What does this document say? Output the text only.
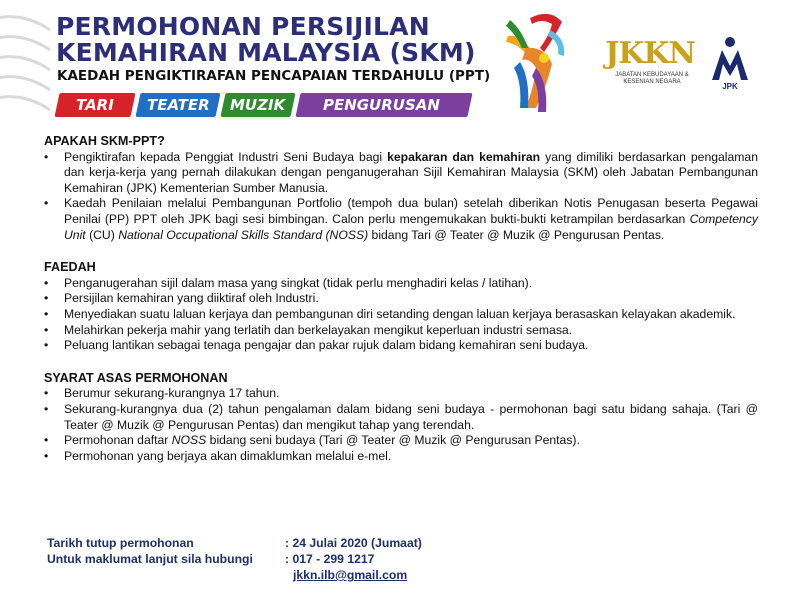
PERMOHONAN PERSIJILAN
KEMAHIRAN MALAYSIA (SKM)
KAEDAH PENGIKTIRAFAN PENCAPAIAN TERDAHULU (PPT)
TARI	TEATER	MUZIK	PENGURUSAN PENTAS
JKKN
JABATAN KEBUDAYAAN & KESENIAN NEGARA	JPK

APAKAH SKM-PPT?

• Pengiktirafan kepada Penggiat Industri Seni Budaya bagi kepakaran dan kemahiran yang dimiliki berdasarkan pengalaman dan kerja-kerja yang pernah dilakukan dengan penganugerahan Sijil Kemahiran Malaysia (SKM) oleh Jabatan Pembangunan Kemahiran (JPK) Kementerian Sumber Manusia.
• Kaedah Penilaian melalui Pembangunan Portfolio (tempoh dua bulan) setelah diberikan Notis Penugasan beserta Pegawai Penilai (PP) PPT oleh JPK bagi sesi bimbingan. Calon perlu mengemukakan bukti-bukti ketrampilan berdasarkan Competency Unit (CU) National Occupational Skills Standard (NOSS) bidang Tari @ Teater @ Muzik @ Pengurusan Pentas.

FAEDAH

• Penganugerahan sijil dalam masa yang singkat (tidak perlu menghadiri kelas / latihan).
• Persijilan kemahiran yang diiktiraf oleh Industri.
• Menyediakan suatu laluan kerjaya dan pembangunan diri setanding dengan laluan kerjaya berasaskan kelayakan akademik.
• Melahirkan pekerja mahir yang terlatih dan berkelayakan mengikut keperluan industri semasa.
• Peluang lantikan sebagai tenaga pengajar dan pakar rujuk dalam bidang kemahiran seni budaya.

SYARAT ASAS PERMOHONAN

• Berumur sekurang-kurangnya 17 tahun.
• Sekurang-kurangnya dua (2) tahun pengalaman dalam bidang seni budaya - permohonan bagi satu bidang sahaja. (Tari @ Teater @ Muzik @ Pengurusan Pentas) dan mengikut tahap yang terendah.
• Permohonan daftar NOSS bidang seni budaya (Tari @ Teater @ Muzik @ Pengurusan Pentas).
• Permohonan yang berjaya akan dimaklumkan melalui e-mel.
Tarikh tutup permohonan	: 24 Julai 2020 (Jumaat)
Untuk maklumat lanjut sila hubungi	: 017 - 299 1217
jkkn.ilb@gmail.com
